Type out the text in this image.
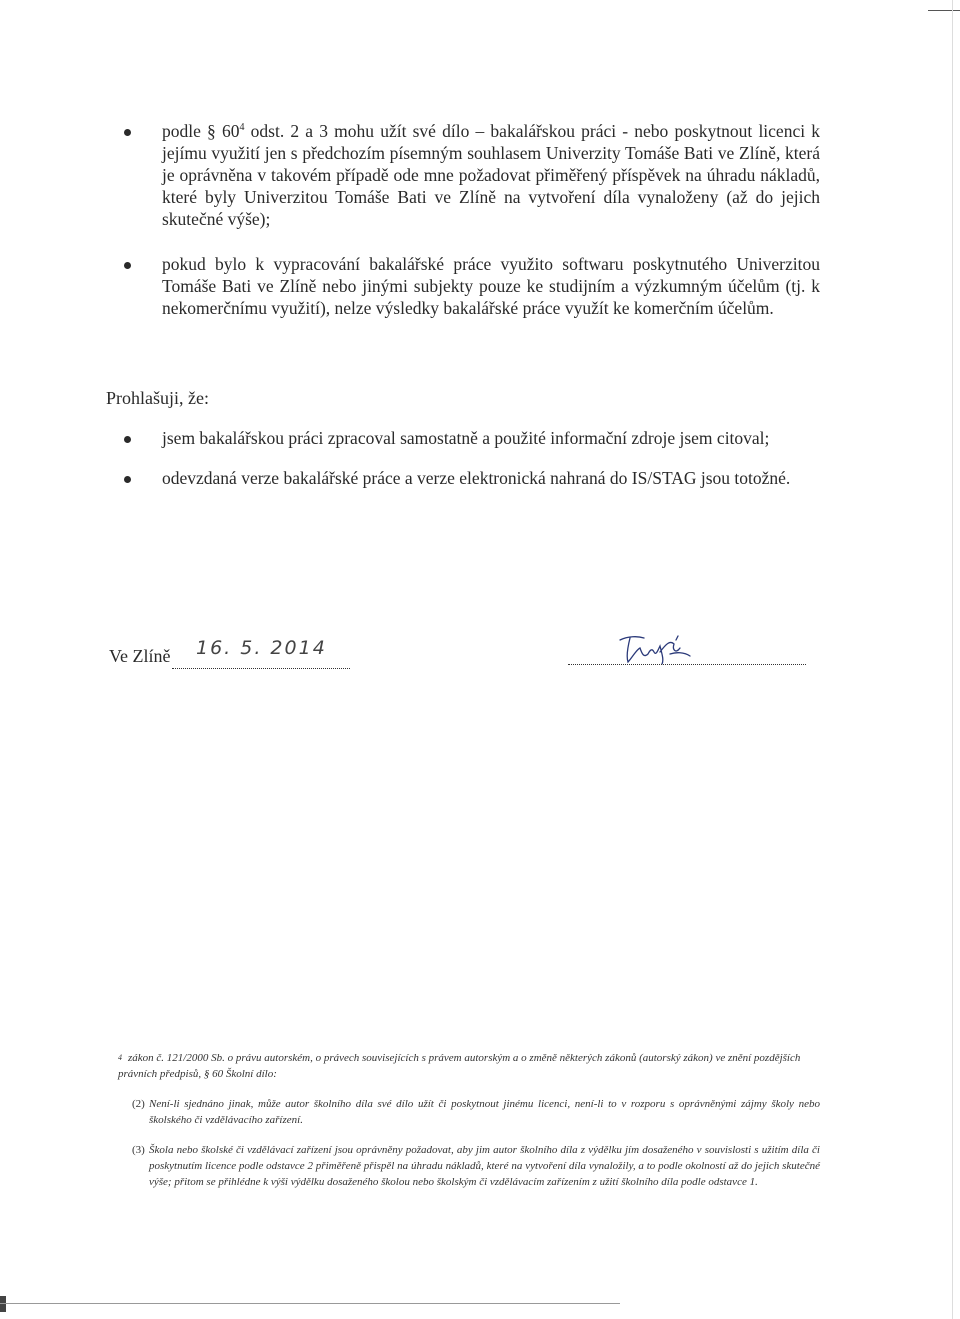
podle § $60^4$ odst. 2 a 3 mohu užít své dílo – bakalářskou práci - nebo poskytnout licenci k jejímu využití jen s předchozím písemným souhlasem Univerzity Tomáše Bati ve Zlíně, která je oprávněna v takovém případě ode mne požadovat přiměřený příspěvek na úhradu nákladů, které byly Univerzitou Tomáše Bati ve Zlíně na vytvoření díla vynaloženy (až do jejich skutečné výše);
pokud bylo k vypracování bakalářské práce využito softwaru poskytnutého Univerzitou Tomáše Bati ve Zlíně nebo jinými subjekty pouze ke studijním a výzkumným účelům (tj. k nekomerčnímu využití), nelze výsledky bakalářské práce využít ke komerčním účelům.
Prohlašuji, že:
jsem bakalářskou práci zpracoval samostatně a použité informační zdroje jsem citoval;
odevzdaná verze bakalářské práce a verze elektronická nahraná do IS/STAG jsou totožné.
Ve Zlíně 16. 5. 2014

$^4$ zákon č. 121/2000 Sb. o právu autorském, o právech souvisejících s právem autorským a o změně některých zákonů (autorský zákon) ve znění pozdějších právních předpisů, § 60 Školní dílo:

(2) Není-li sjednáno jinak, může autor školního díla své dílo užít či poskytnout jinému licenci, není-li to v rozporu s oprávněnými zájmy školy nebo školského či vzdělávacího zařízení.

(3) Škola nebo školské či vzdělávací zařízení jsou oprávněny požadovat, aby jim autor školního díla z výdělku jím dosaženého v souvislosti s užitím díla či poskytnutím licence podle odstavce 2 přiměřeně přispěl na úhradu nákladů, které na vytvoření díla vynaložily, a to podle okolností až do jejich skutečné výše; přitom se přihlédne k výši výdělku dosaženého školou nebo školským či vzdělávacím zařízením z užití školního díla podle odstavce 1.
